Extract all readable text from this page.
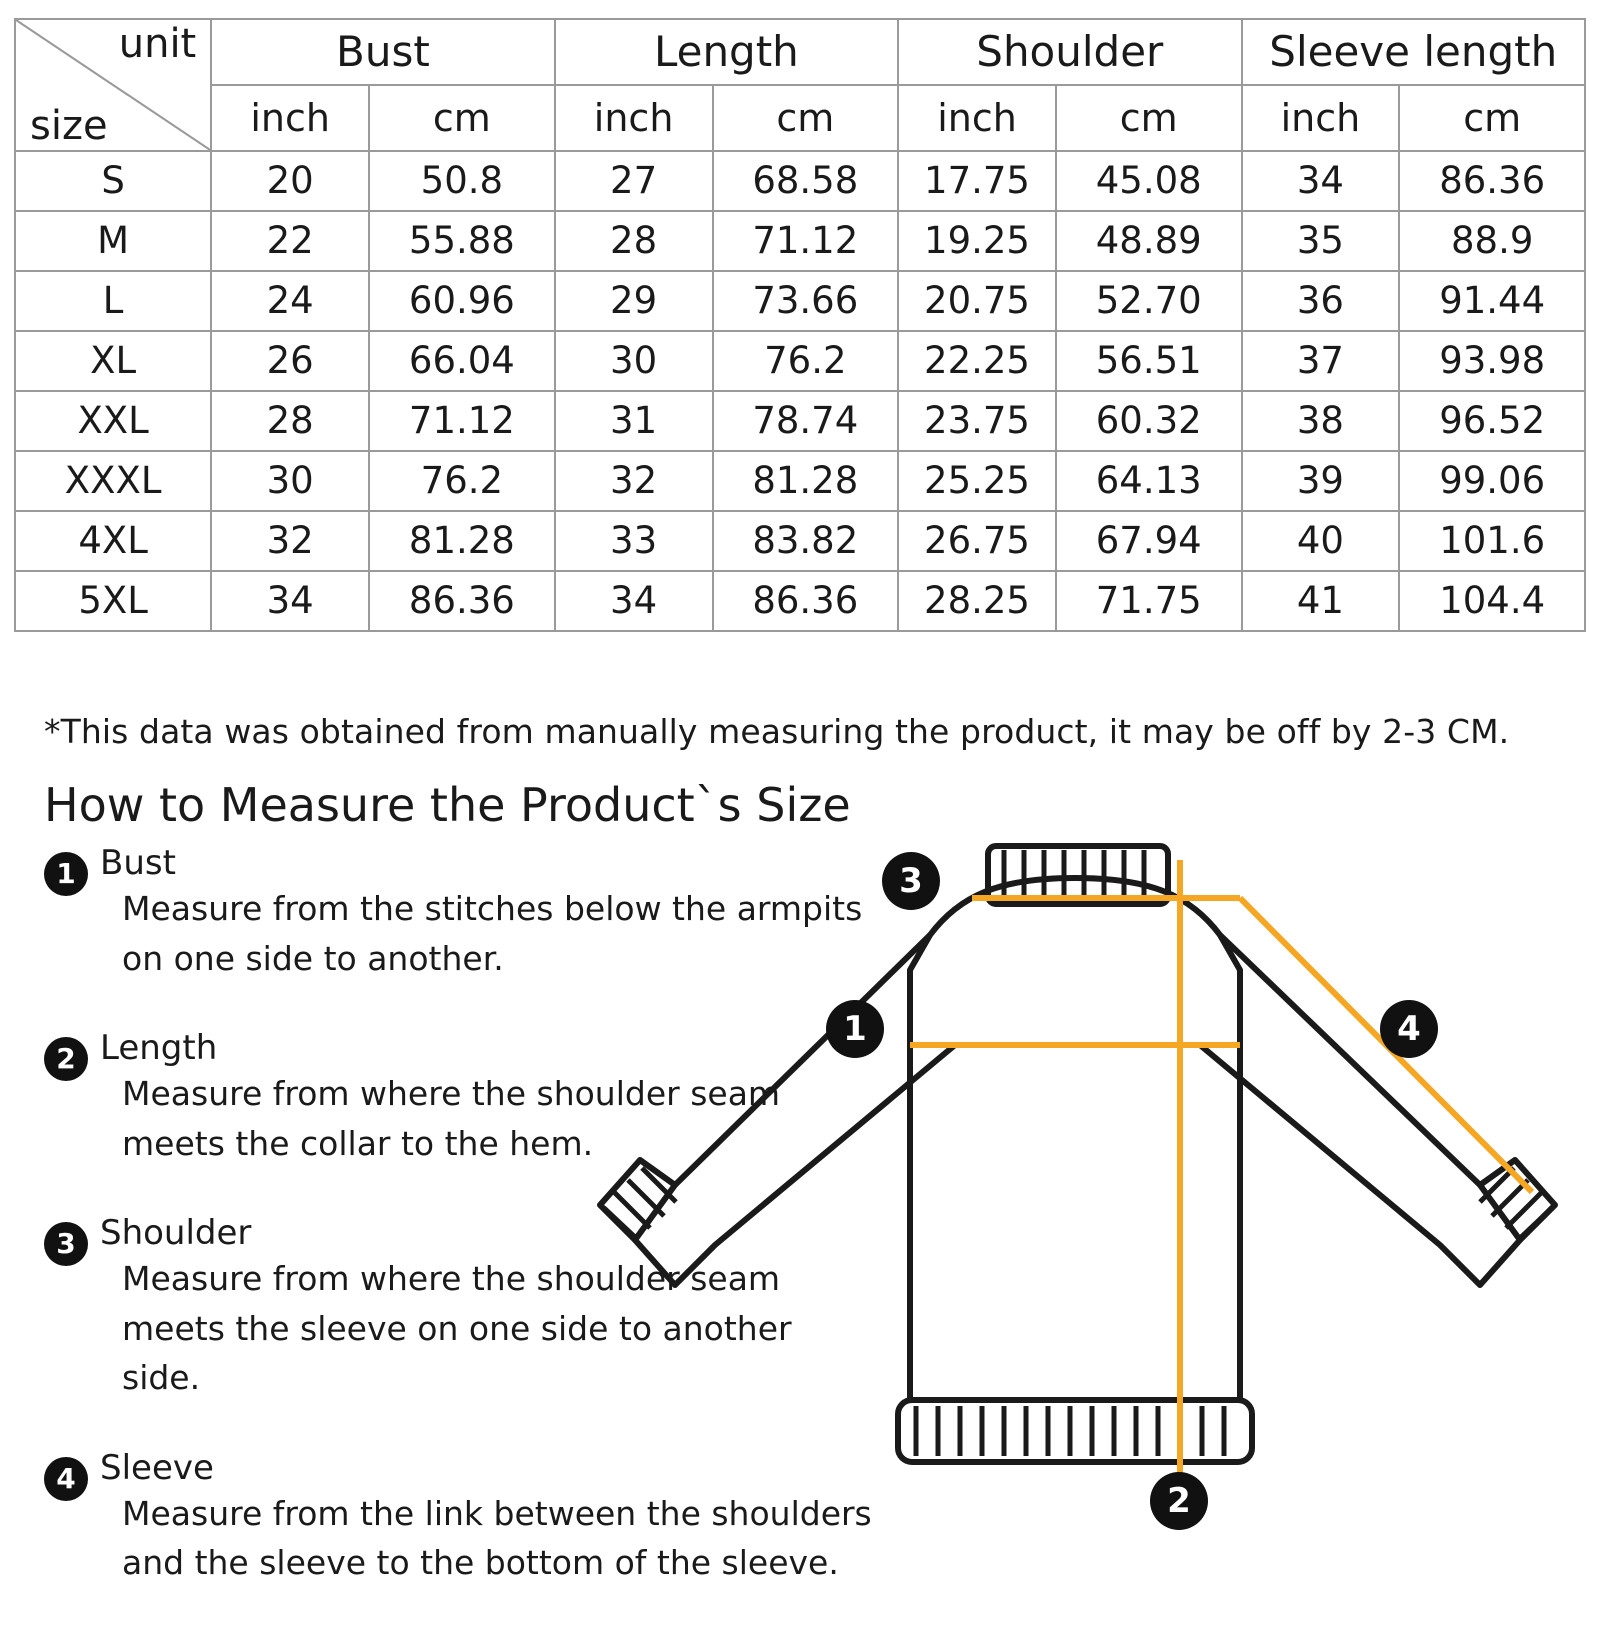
unit
size	Bust		Length		Shoulder		Sleeve length	
	inch	cm	inch	cm	inch	cm	inch	cm
S	20	50.8	27	68.58	17.75	45.08	34	86.36
M	22	55.88	28	71.12	19.25	48.89	35	88.9
L	24	60.96	29	73.66	20.75	52.70	36	91.44
XL	26	66.04	30	76.2	22.25	56.51	37	93.98
XXL	28	71.12	31	78.74	23.75	60.32	38	96.52
XXXL	30	76.2	32	81.28	25.25	64.13	39	99.06
4XL	32	81.28	33	83.82	26.75	67.94	40	101.6
5XL	34	86.36	34	86.36	28.25	71.75	41	104.4
*This data was obtained from manually measuring the product, it may be off by 2-3 CM.
How to Measure the Product`s Size
1 Bust
Measure from the stitches below the armpits on one side to another.
2 Length
Measure from where the shoulder seam meets the collar to the hem.
3 Shoulder
Measure from where the shoulder seam meets the sleeve on one side to another side.
4 Sleeve
Measure from the link between the shoulders and the sleeve to the bottom of the sleeve.
1
2
3
4
